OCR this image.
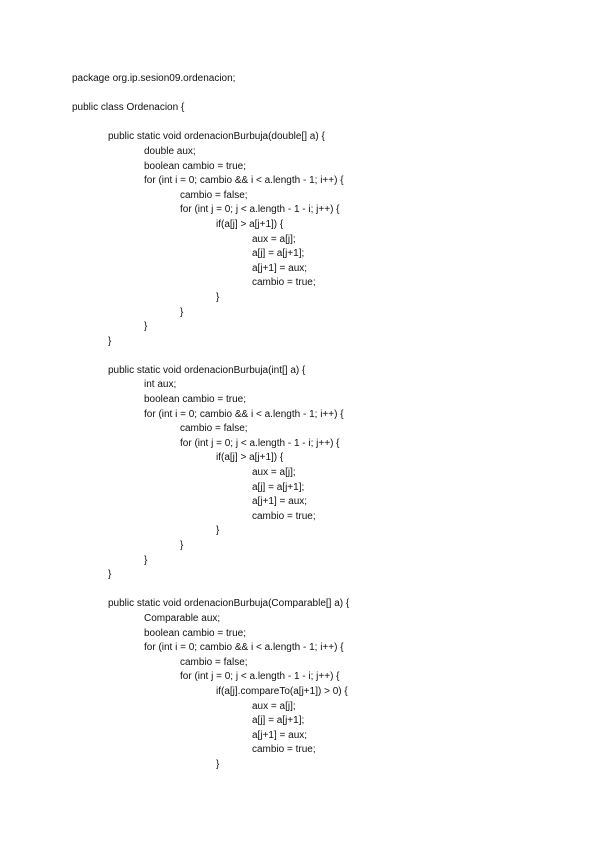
package org.ip.sesion09.ordenacion;
public class Ordenacion {
public static void ordenacionBurbuja(double[] a) {
double aux;
boolean cambio = true;
for (int i = 0; cambio && i < a.length - 1; i++) {
cambio = false;
for (int j = 0; j < a.length - 1 - i; j++) {
if(a[j] > a[j+1]) {
aux = a[j];
a[j] = a[j+1];
a[j+1] = aux;
cambio = true;
}
}
}
}
public static void ordenacionBurbuja(int[] a) {
int aux;
boolean cambio = true;
for (int i = 0; cambio && i < a.length - 1; i++) {
cambio = false;
for (int j = 0; j < a.length - 1 - i; j++) {
if(a[j] > a[j+1]) {
aux = a[j];
a[j] = a[j+1];
a[j+1] = aux;
cambio = true;
}
}
}
}
public static void ordenacionBurbuja(Comparable[] a) {
Comparable aux;
boolean cambio = true;
for (int i = 0; cambio && i < a.length - 1; i++) {
cambio = false;
for (int j = 0; j < a.length - 1 - i; j++) {
if(a[j].compareTo(a[j+1]) > 0) {
aux = a[j];
a[j] = a[j+1];
a[j+1] = aux;
cambio = true;
}
